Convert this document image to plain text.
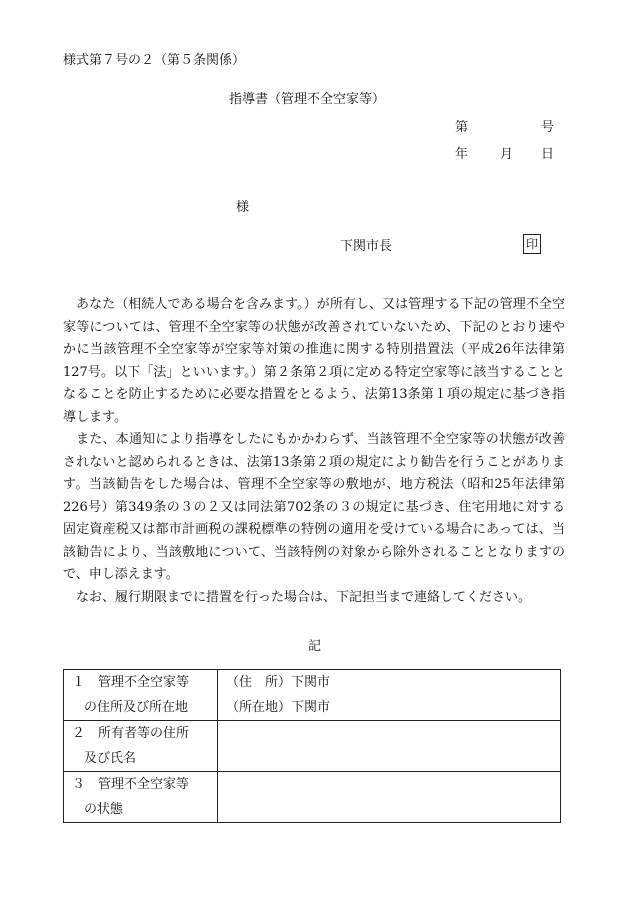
様式第７号の２（第５条関係）
指導書（管理不全空家等）
第	号
年 月 日
様
下関市長	印

あなた（相続人である場合を含みます。）が所有し、又は管理する下記の管理不全空家等については、管理不全空家等の状態が改善されていないため、下記のとおり速やかに当該管理不全空家等が空家等対策の推進に関する特別措置法（平成26年法律第127号。以下「法」といいます。）第２条第２項に定める特定空家等に該当することとなることを防止するために必要な措置をとるよう、法第13条第１項の規定に基づき指導します。

また、本通知により指導をしたにもかかわらず、当該管理不全空家等の状態が改善されないと認められるときは、法第13条第２項の規定により勧告を行うことがあります。当該勧告をした場合は、管理不全空家等の敷地が、地方税法（昭和25年法律第226号）第349条の３の２又は同法第702条の３の規定に基づき、住宅用地に対する固定資産税又は都市計画税の課税標準の特例の適用を受けている場合にあっては、当該勧告により、当該敷地について、当該特例の対象から除外されることとなりますので、申し添えます。

なお、履行期限までに措置を行った場合は、下記担当まで連絡してください。

記
１　管理不全空家等
の住所及び所在地	（住　所）下関市
（所在地）下関市

２　所有者等の住所
及び氏名	

３　管理不全空家等
の状態	
